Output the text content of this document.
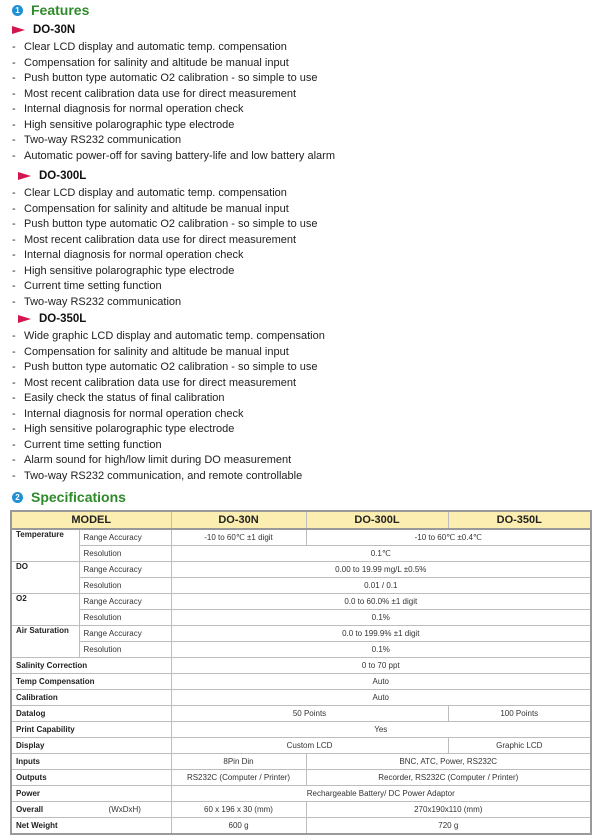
1 Features
DO-30N
- Clear LCD display and automatic temp. compensation
- Compensation for salinity and altitude be manual input
- Push button type automatic O2 calibration - so simple to use
- Most recent calibration data use for direct measurement
- Internal diagnosis for normal operation check
- High sensitive polarographic type electrode
- Two-way RS232 communication
- Automatic power-off for saving battery-life and low battery alarm
DO-300L
- Clear LCD display and automatic temp. compensation
- Compensation for salinity and altitude be manual input
- Push button type automatic O2 calibration - so simple to use
- Most recent calibration data use for direct measurement
- Internal diagnosis for normal operation check
- High sensitive polarographic type electrode
- Current time setting function
- Two-way RS232 communication
DO-350L
- Wide graphic LCD display and automatic temp. compensation
- Compensation for salinity and altitude be manual input
- Push button type automatic O2 calibration - so simple to use
- Most recent calibration data use for direct measurement
- Easily check the status of final calibration
- Internal diagnosis for normal operation check
- High sensitive polarographic type electrode
- Current time setting function
- Alarm sound for high/low limit during DO measurement
- Two-way RS232 communication, and remote controllable
2 Specifications
MODEL		DO-30N	DO-300L	DO-350L
Temperature	Range Accuracy	-10 to 60℃ ±1 digit	-10 to 60℃ ±0.4℃	
	Resolution	0.1℃		
DO	Range Accuracy	0.00 to 19.99 mg/L ±0.5%		
	Resolution	0.01 / 0.1		
O2	Range Accuracy	0.0 to 60.0% ±1 digit		
	Resolution	0.1%		
Air Saturation	Range Accuracy	0.0 to 199.9% ±1 digit		
	Resolution	0.1%		
Salinity Correction		0 to 70 ppt		
Temp Compensation		Auto		
Calibration		Auto		
Datalog		50 Points		100 Points
Print Capability		Yes		
Display		Custom LCD		Graphic LCD
Inputs		8Pin Din	BNC, ATC, Power, RS232C	
Outputs		RS232C (Computer / Printer)	Recorder, RS232C (Computer / Printer)	
Power		Rechargeable Battery/ DC Power Adaptor		
Overall	(WxDxH)	60 x 196 x 30 (mm)	270x190x110 (mm)	
Net Weight		600 g	720 g	
